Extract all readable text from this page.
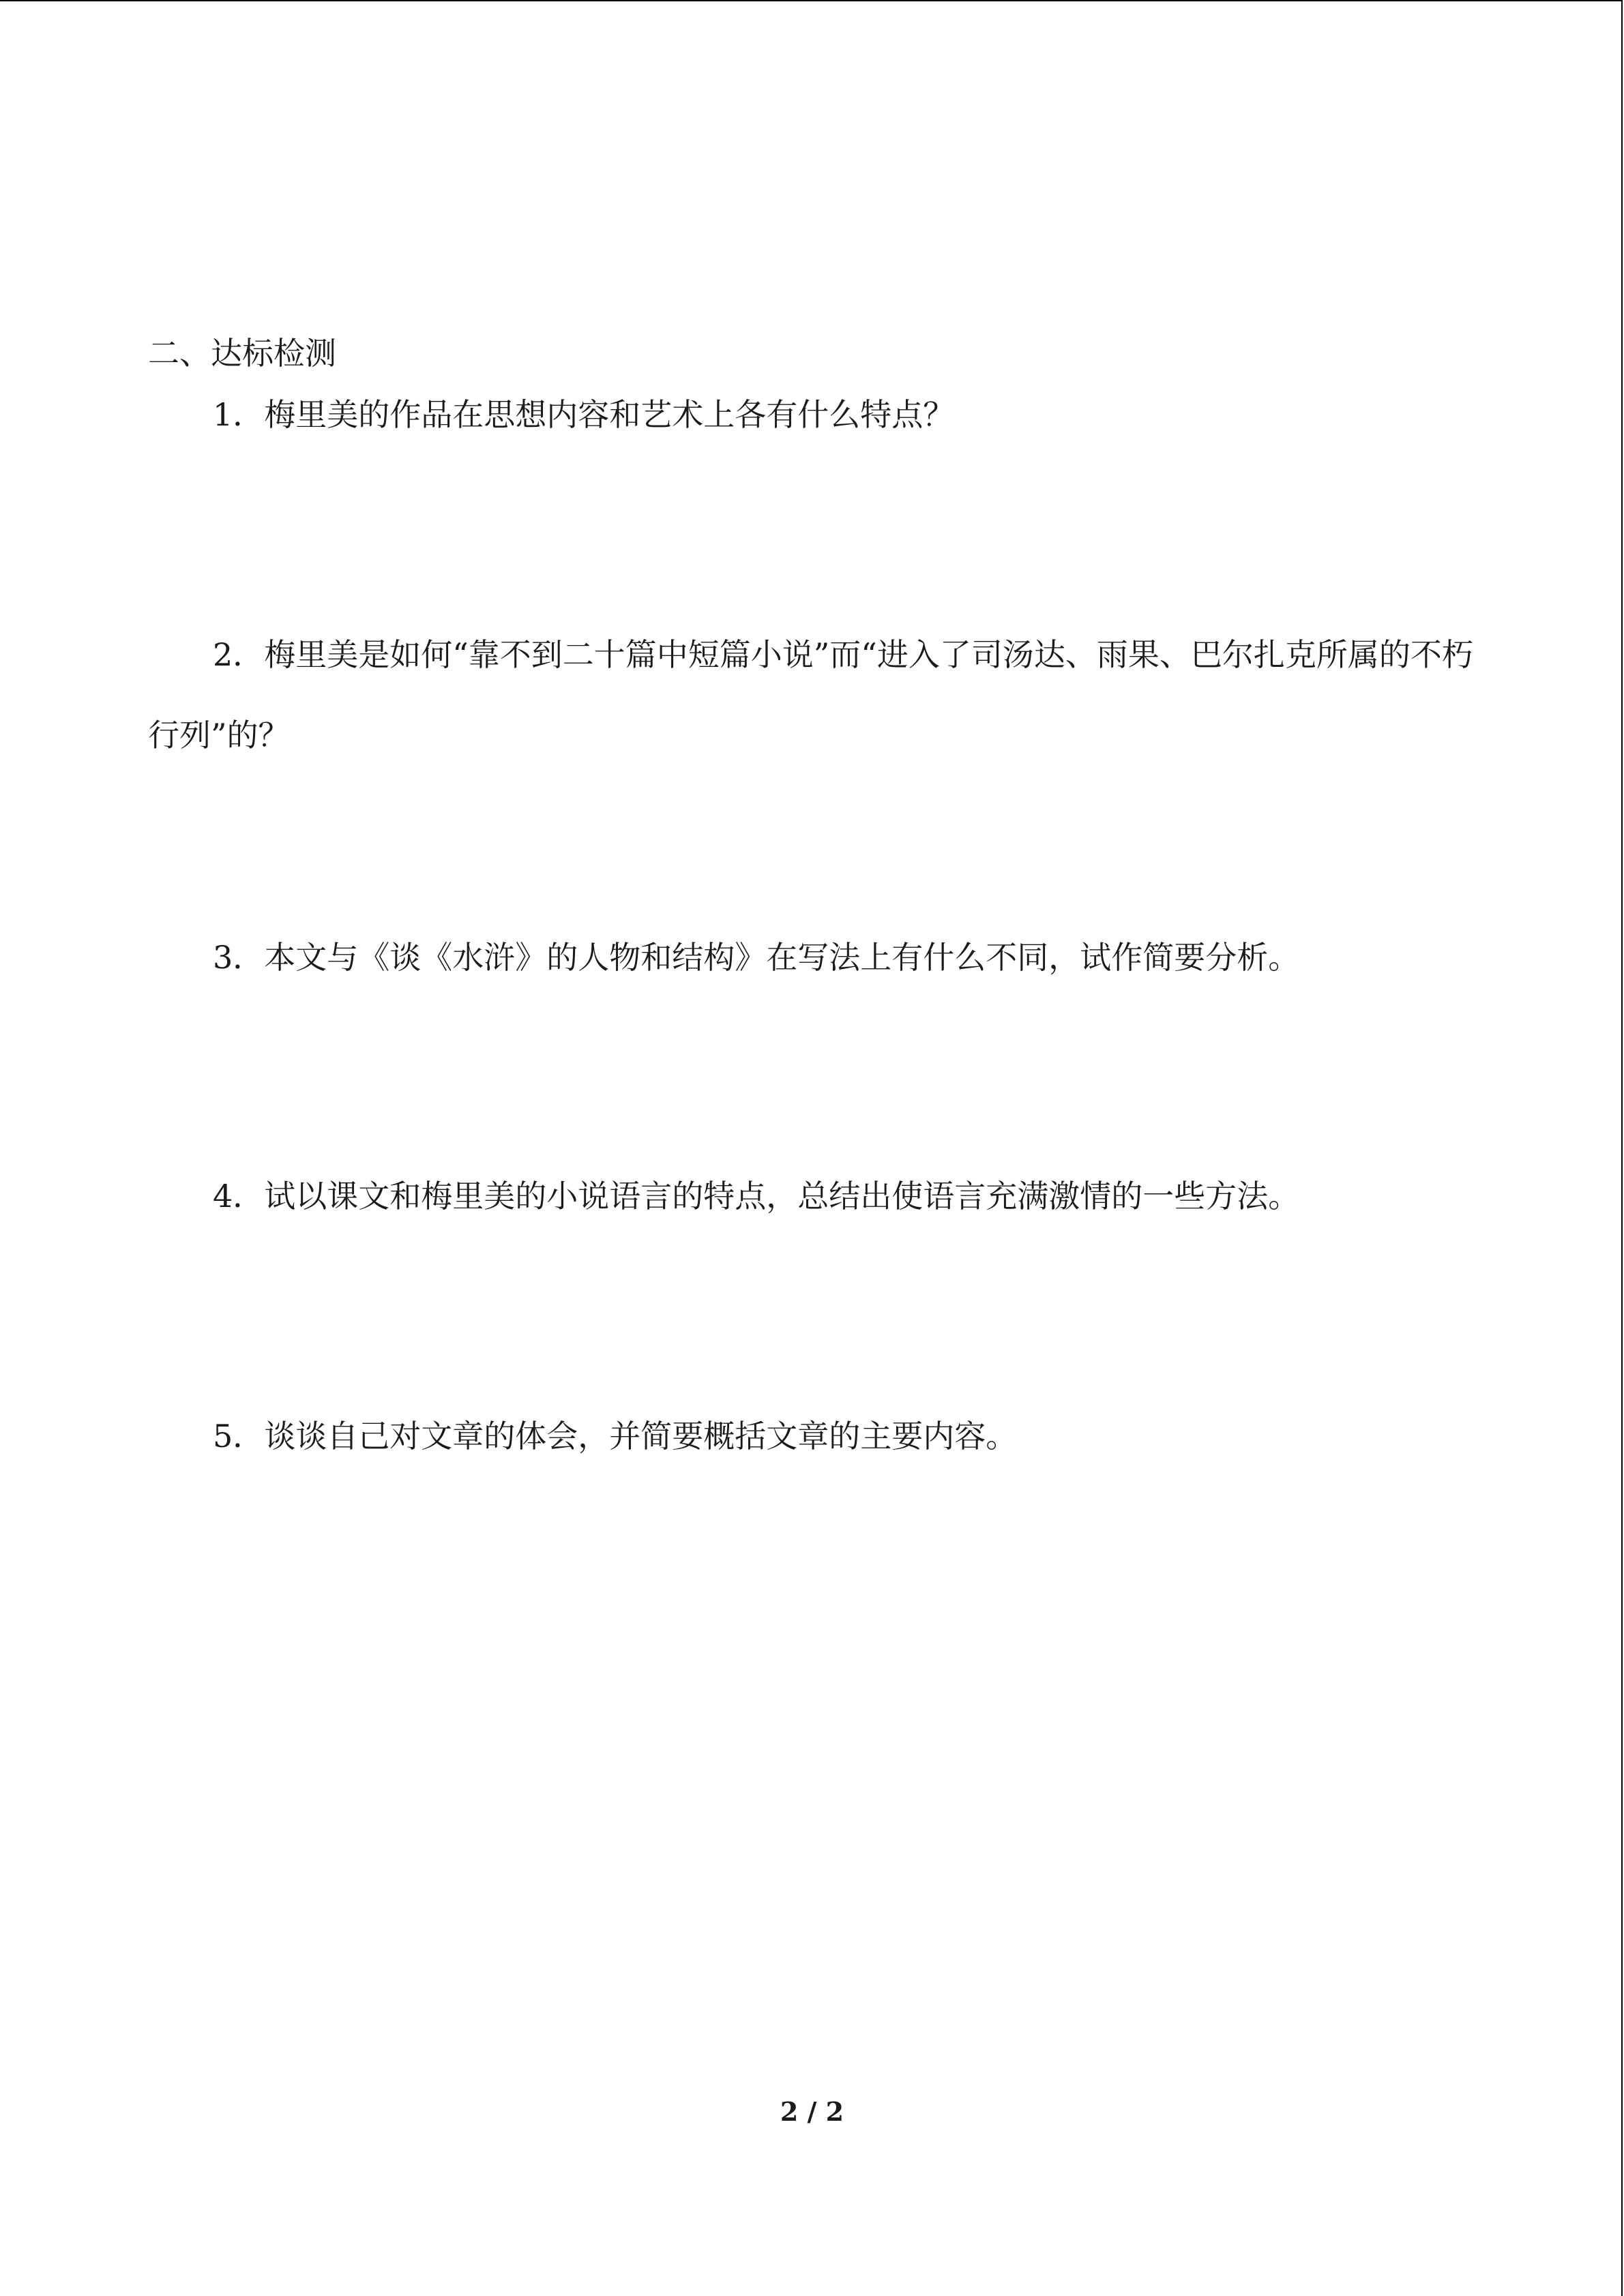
二、达标检测

1．梅里美的作品在思想内容和艺术上各有什么特点？

2．梅里美是如何“靠不到二十篇中短篇小说”而“进入了司汤达、雨果、巴尔扎克所属的不朽行列”的？

3．本文与《谈《水浒》的人物和结构》在写法上有什么不同，试作简要分析。

4．试以课文和梅里美的小说语言的特点，总结出使语言充满激情的一些方法。

5．谈谈自己对文章的体会，并简要概括文章的主要内容。

2 / 2
